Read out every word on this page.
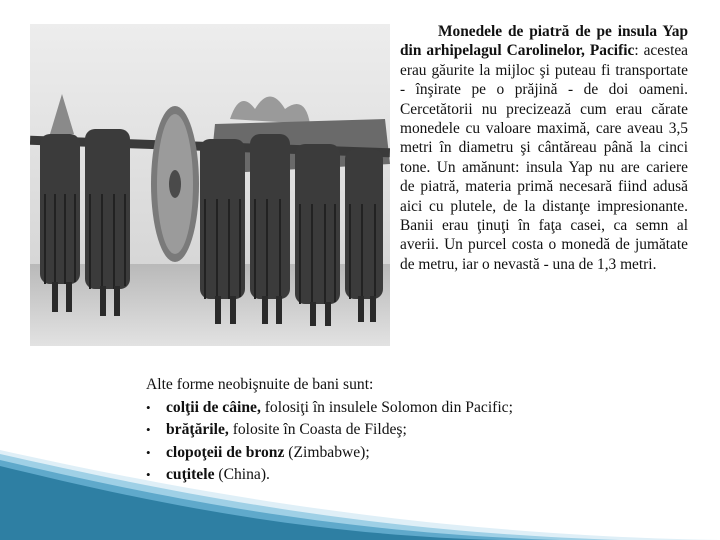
Monedele de piatră de pe insula Yap din arhipelagul Carolinelor, Pacific: acestea erau găurite la mijloc şi puteau fi transportate - înşirate pe o prăjină - de doi oameni. Cercetătorii nu precizează cum erau cărate monedele cu valoare maximă, care aveau 3,5 metri în diametru şi cântăreau până la cinci tone. Un amănunt: insula Yap nu are cariere de piatră, materia primă necesară fiind adusă aici cu plutele, de la distanţe impresionante. Banii erau ţinuţi în faţa casei, ca semn al averii. Un purcel costa o monedă de jumătate de metru, iar o nevastă - una de 1,3 metri.

Alte forme neobişnuite de bani sunt:

• colţii de câine, folosiţi în insulele Solomon din Pacific;
• brăţările, folosite în Coasta de Fildeş;
• clopoţeii de bronz (Zimbabwe);
• cuţitele (China).
